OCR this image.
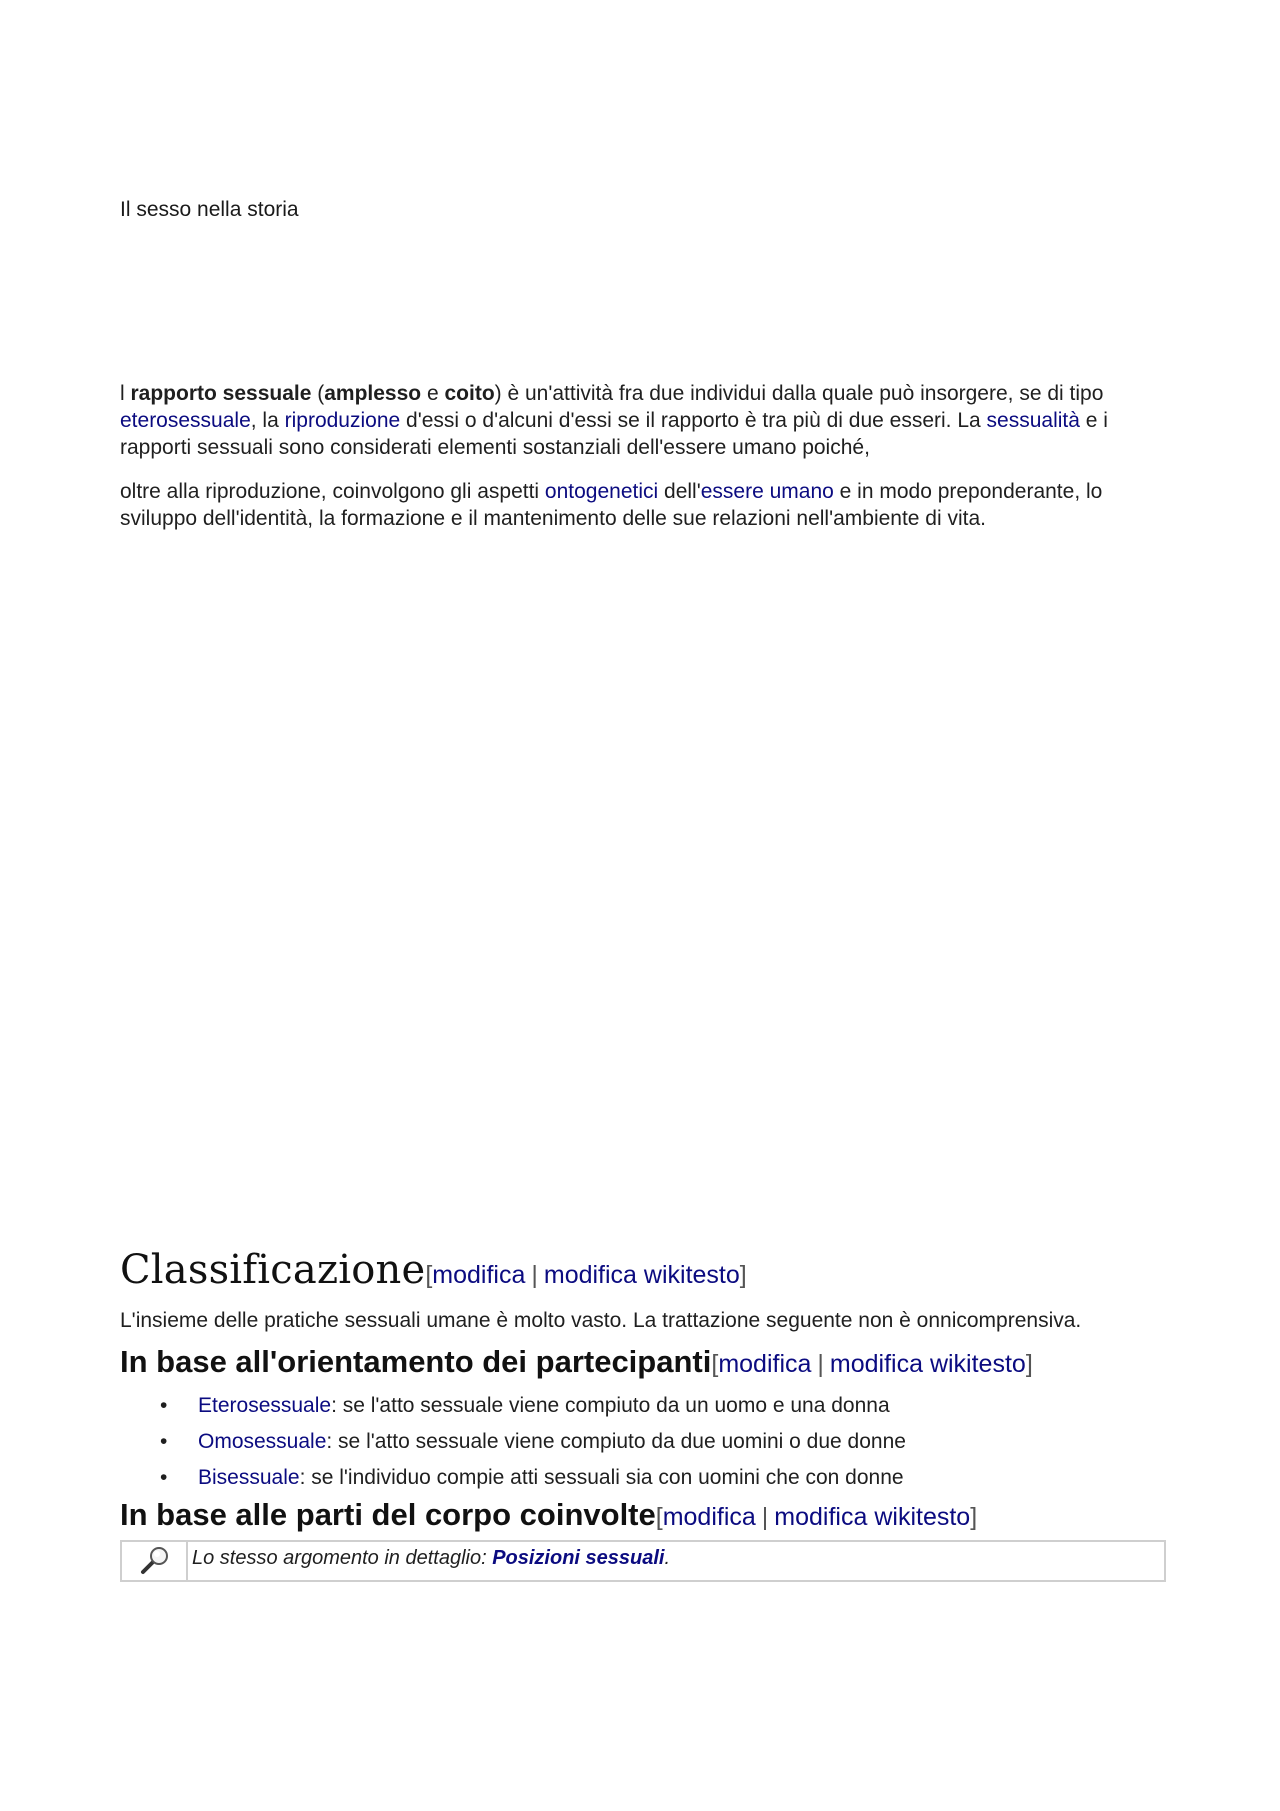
Il sesso nella storia

l rapporto sessuale (amplesso e coito) è un'attività fra due individui dalla quale può insorgere, se di tipo eterosessuale, la riproduzione d'essi o d'alcuni d'essi se il rapporto è tra più di due esseri. La sessualità e i rapporti sessuali sono considerati elementi sostanziali dell'essere umano poiché,

oltre alla riproduzione, coinvolgono gli aspetti ontogenetici dell'essere umano e in modo preponderante, lo sviluppo dell'identità, la formazione e il mantenimento delle sue relazioni nell'ambiente di vita.

Classificazione[modifica | modifica wikitesto]
L'insieme delle pratiche sessuali umane è molto vasto. La trattazione seguente non è onnicomprensiva.
In base all'orientamento dei partecipanti[modifica | modifica wikitesto]
• Eterosessuale: se l'atto sessuale viene compiuto da un uomo e una donna
• Omosessuale: se l'atto sessuale viene compiuto da due uomini o due donne
• Bisessuale: se l'individuo compie atti sessuali sia con uomini che con donne
In base alle parti del corpo coinvolte[modifica | modifica wikitesto]
Lo stesso argomento in dettaglio: Posizioni sessuali.
